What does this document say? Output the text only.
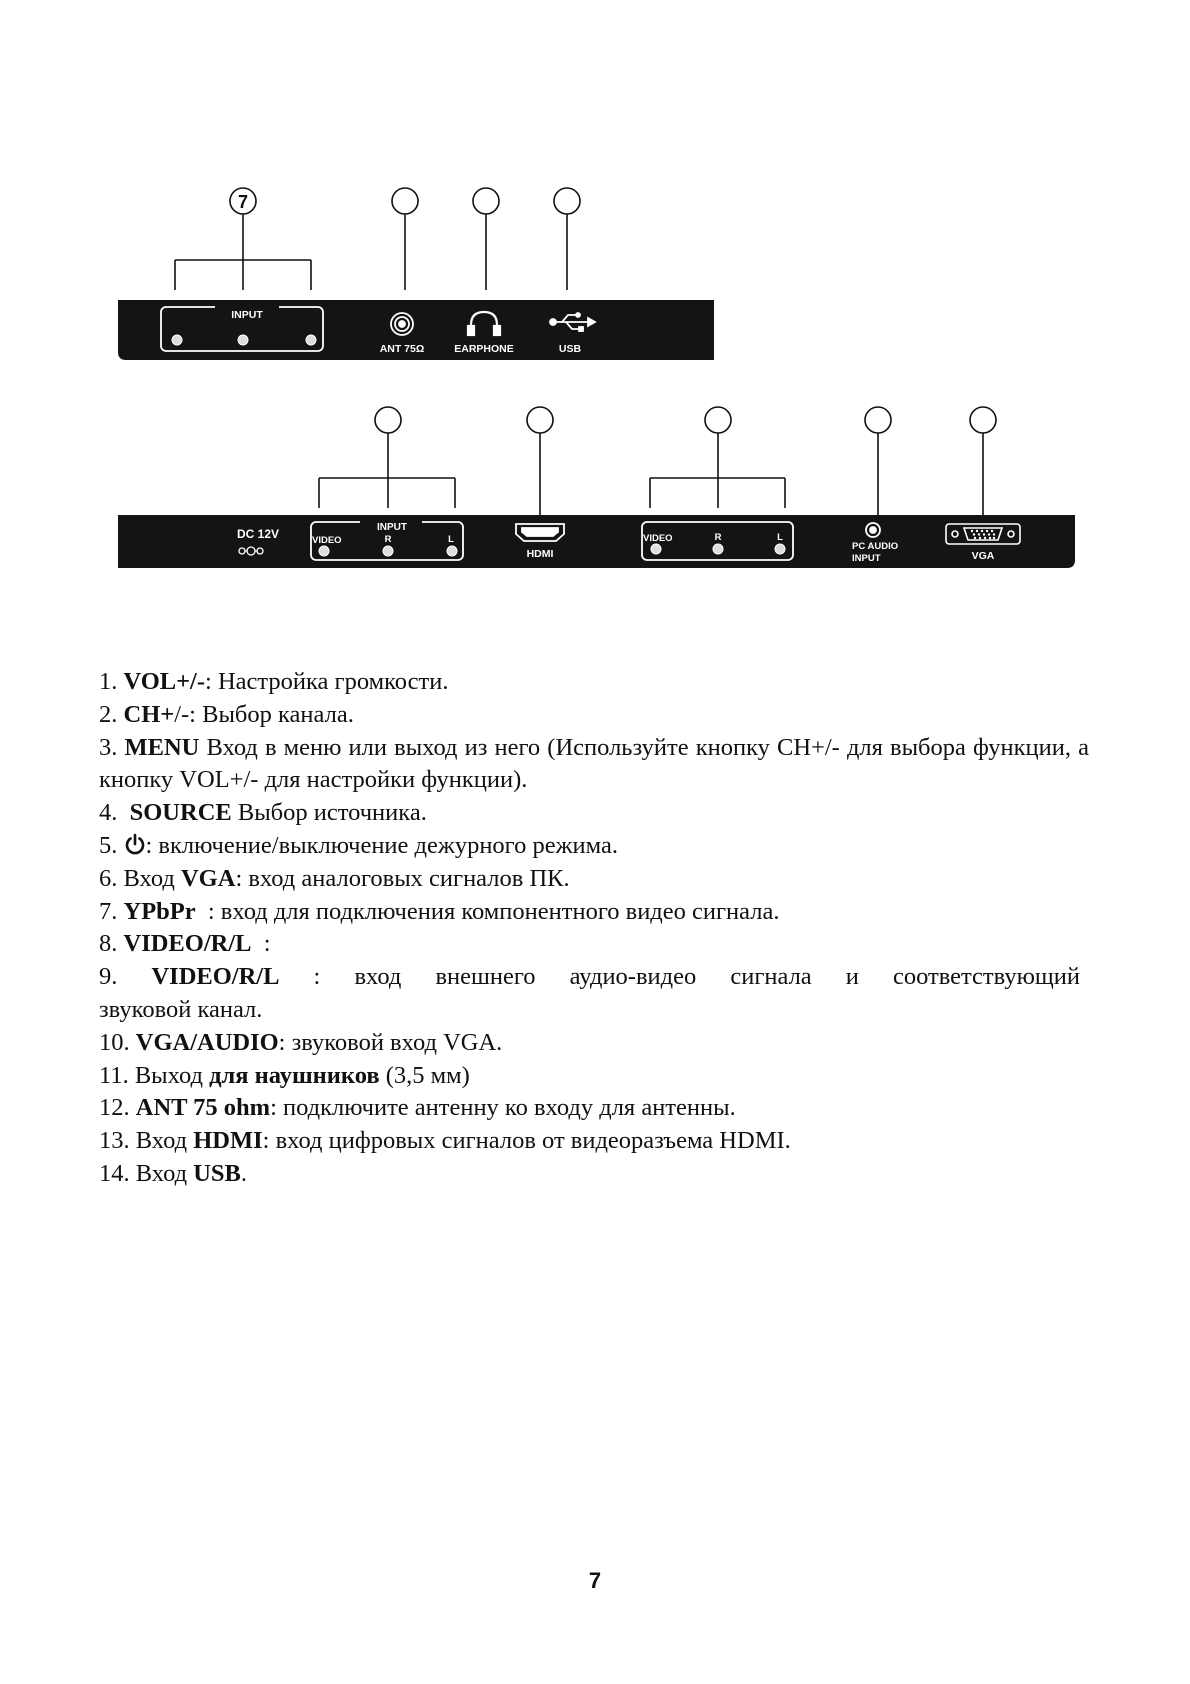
7
INPUT
ANT 75Ω	EARPHONE	USB
DC 12V	INPUT
VIDEO	R	L
HDMI
VIDEO	R	L
PC AUDIO
INPUT	VGA

1. VOL+/-: Настройка громкости.

2. CH+/-: Выбор канала.

3. MENU Вход в меню или выход из него (Используйте кнопку CH+/- для выбора функции, а кнопку VOL+/- для настройки функции).

4. SOURCE Выбор источника.

5. : включение/выключение дежурного режима.

6. Вход VGA: вход аналоговых сигналов ПК.

7. YPbPr  : вход для подключения компонентного видео сигнала.

8. VIDEO/R/L  :

9. VIDEO/R/L : вход внешнего аудио-видео сигнала и соответствующий

звуковой канал.

10. VGA/AUDIO: звуковой вход VGA.

11. Выход для наушников (3,5 мм)

12. ANT 75 ohm: подключите антенну ко входу для антенны.

13. Вход HDMI: вход цифровых сигналов от видеоразъема HDMI.

14. Вход USB.

7
